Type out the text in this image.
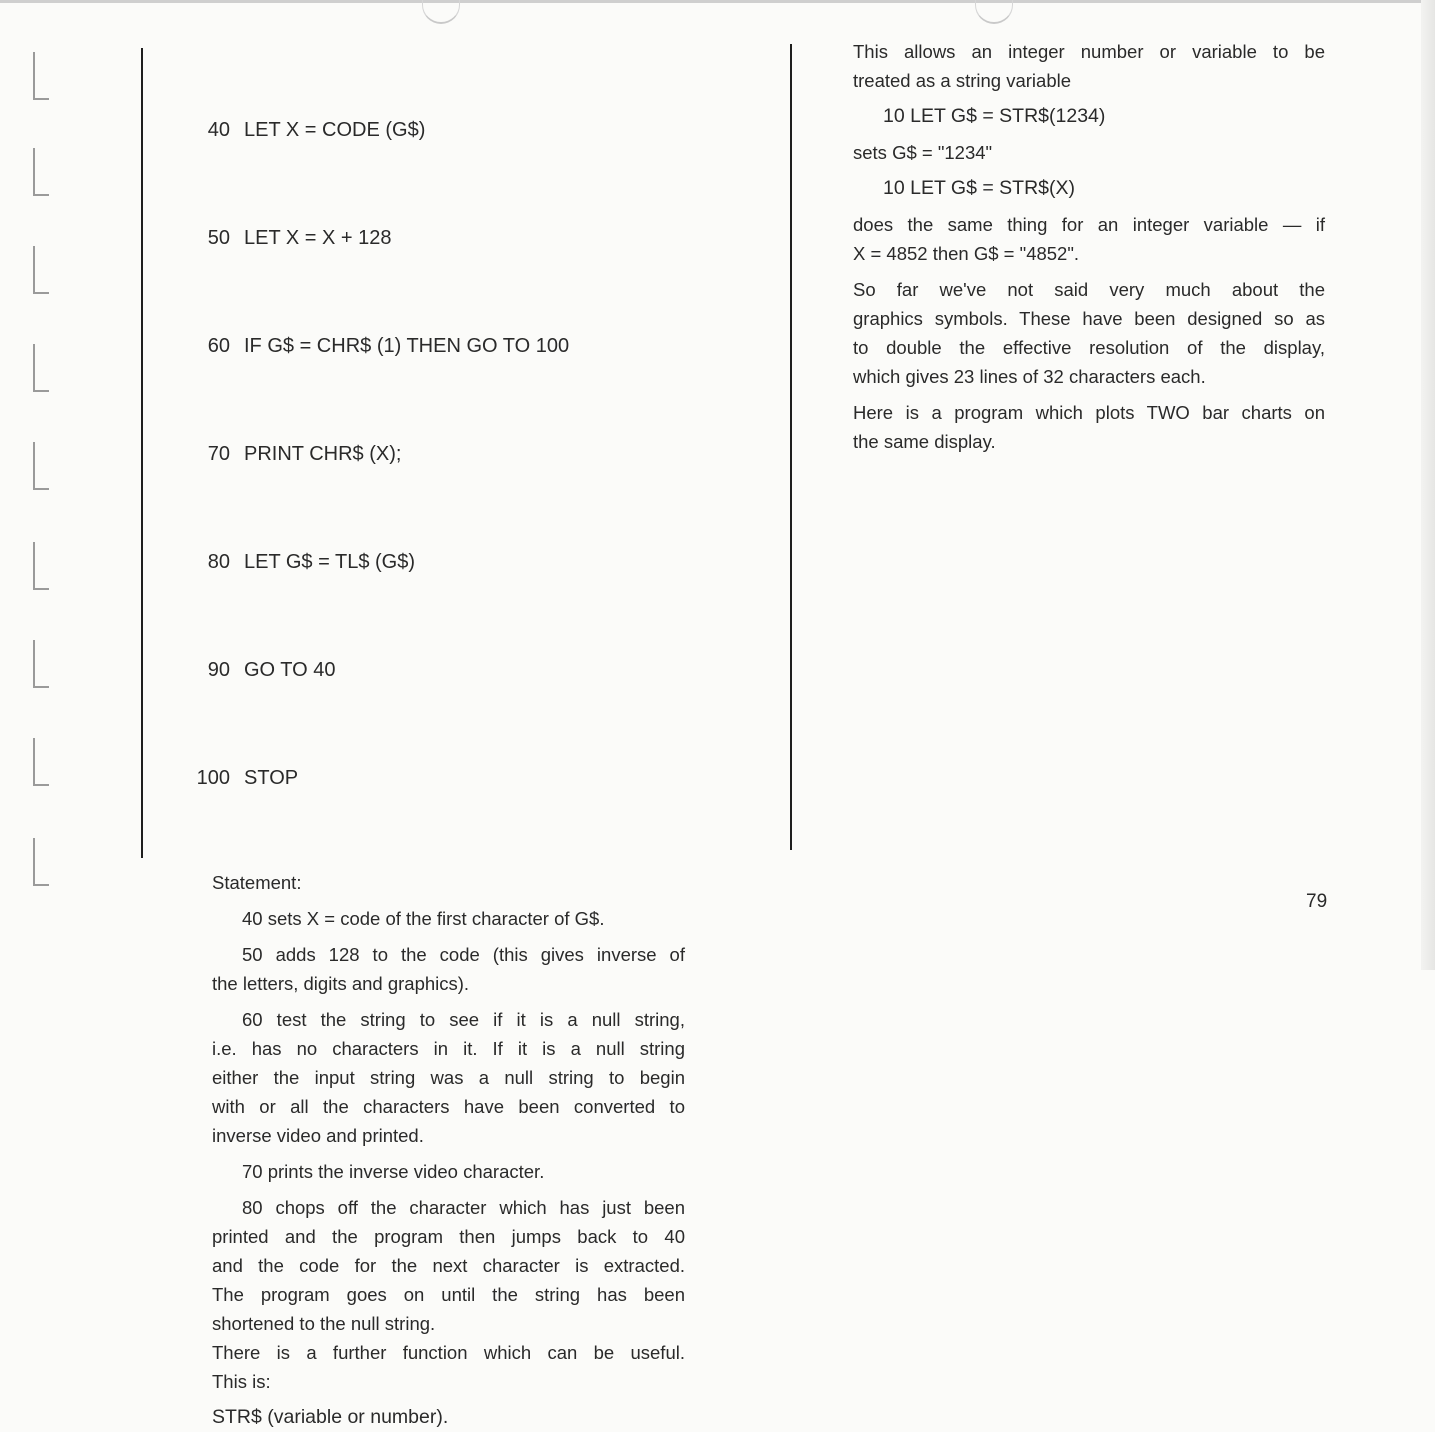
40 LET X = CODE (G$)

50 LET X = X + 128

60 IF G$ = CHR$ (1) THEN GO TO 100

70 PRINT CHR$ (X);

80 LET G$ = TL$ (G$)

90 GO TO 40

100 STOP

Statement:

40 sets X = code of the first character of G$.

50 adds 128 to the code (this gives inverse of

the letters, digits and graphics).

60 test the string to see if it is a null string,

i.e. has no characters in it. If it is a null string

either the input string was a null string to begin

with or all the characters have been converted to

inverse video and printed.

70 prints the inverse video character.

80 chops off the character which has just been

printed and the program then jumps back to 40

and the code for the next character is extracted.

The program goes on until the string has been

shortened to the null string.

There is a further function which can be useful.

This is:

STR$ (variable or number).

This allows an integer number or variable to be

treated as a string variable

10 LET G$ = STR$(1234)

sets G$ = "1234"

10 LET G$ = STR$(X)

does the same thing for an integer variable — if

X = 4852 then G$ = "4852".

So far we've not said very much about the

graphics symbols. These have been designed so as

to double the effective resolution of the display,

which gives 23 lines of 32 characters each.

Here is a program which plots TWO bar charts on

the same display.

79
